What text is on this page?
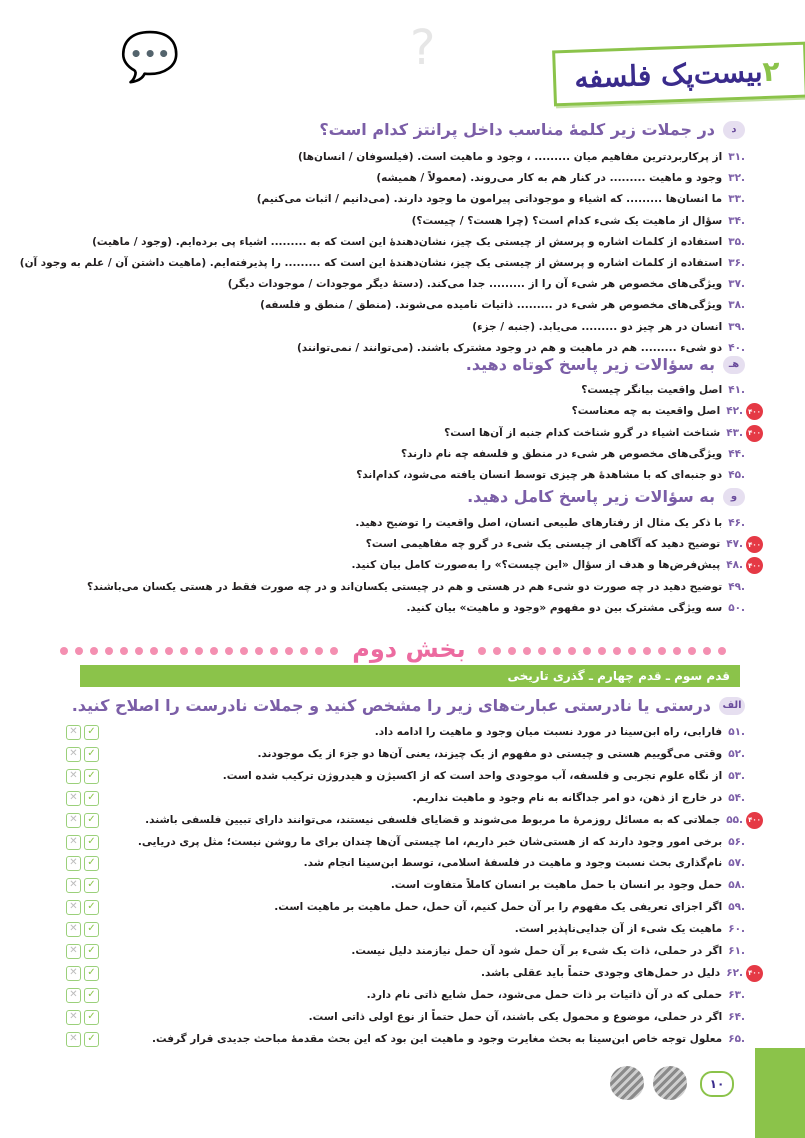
💬	?	بیست‌پک فلسفه
۲
د
در جملات زیر کلمۀ مناسب داخل پرانتز کدام است؟
هـ
به سؤالات زیر پاسخ کوتاه دهید.
و
به سؤالات زیر پاسخ کامل دهید.
بخش دوم
قدم سوم ـ قدم چهارم ـ گذری تاریخی
الف
درستی یا نادرستی عبارت‌های زیر را مشخص کنید و جملات نادرست را اصلاح کنید.
۳۱.
از پرکاربردترین مفاهیم میان ......... ، وجود و ماهیت است. (فیلسوفان / انسان‌ها)
۳۲.
وجود و ماهیت ......... در کنار هم به کار می‌روند. (معمولاً / همیشه)
۳۳.
ما انسان‌ها ......... که اشیاء و موجوداتی پیرامون ما وجود دارند. (می‌دانیم / اثبات می‌کنیم)
۳۴.
سؤال از ماهیت یک شیء کدام است؟ (چرا هست؟ / چیست؟)
۳۵.
استفاده از کلمات اشاره و پرسش از چیستی یک چیز، نشان‌دهندۀ این است که به ......... اشیاء پی برده‌ایم. (وجود / ماهیت)
۳۶.
استفاده از کلمات اشاره و پرسش از چیستی یک چیز، نشان‌دهندۀ این است که ......... را پذیرفته‌ایم. (ماهیت داشتن آن / علم به وجود آن)
۳۷.
ویژگی‌های مخصوص هر شیء آن را از ......... جدا می‌کند. (دستۀ دیگر موجودات / موجودات دیگر)
۳۸.
ویژگی‌های مخصوص هر شیء در ......... ذاتیات نامیده می‌شوند. (منطق / منطق و فلسفه)
۳۹.
انسان در هر چیز دو ......... می‌یابد. (جنبه / جزء)
۴۰.
دو شیء ......... هم در ماهیت و هم در وجود مشترک باشند. (می‌توانند / نمی‌توانند)
۴۱.
اصل واقعیت بیانگر چیست؟
۴۲.
اصل واقعیت به چه معناست؟	۴۰۰
۴۳.
شناخت اشیاء در گرو شناخت کدام جنبه از آن‌ها است؟	۴۰۰
۴۴.
ویژگی‌های مخصوص هر شیء در منطق و فلسفه چه نام دارند؟
۴۵.
دو جنبه‌ای که با مشاهدۀ هر چیزی توسط انسان یافته می‌شود، کدام‌اند؟
۴۶.
با ذکر یک مثال از رفتارهای طبیعی انسان، اصل واقعیت را توضیح دهید.
۴۷.
توضیح دهید که آگاهی از چیستی یک شیء در گرو چه مفاهیمی است؟	۴۰۰
۴۸.
پیش‌فرض‌ها و هدف از سؤال «این چیست؟» را به‌صورت کامل بیان کنید.	۴۰۰
۴۹.
توضیح دهید در چه صورت دو شیء هم در هستی و هم در چیستی یکسان‌اند و در چه صورت فقط در هستی یکسان می‌باشند؟
۵۰.
سه ویژگی مشترک بین دو مفهوم «وجود و ماهیت» بیان کنید.
۵۱.
فارابی، راه ابن‌سینا در مورد نسبت میان وجود و ماهیت را ادامه داد.
✕ ✓
۵۲.
وقتی می‌گوییم هستی و چیستی دو مفهوم از یک چیزند، یعنی آن‌ها دو جزء از یک موجودند.
✕ ✓
۵۳.
از نگاه علوم تجربی و فلسفه، آب موجودی واحد است که از اکسیژن و هیدروژن ترکیب شده است.
✕ ✓
۵۴.
در خارج از ذهن، دو امر جداگانه به نام وجود و ماهیت نداریم.
✕ ✓
۵۵.
جملاتی که به مسائل روزمرۀ ما مربوط می‌شوند و قضایای فلسفی نیستند، می‌توانند دارای تبیین فلسفی باشند.	۴۰۰
✕ ✓
۵۶.
برخی امور وجود دارند که از هستی‌شان خبر داریم، اما چیستی آن‌ها چندان برای ما روشن نیست؛ مثل پری دریایی.
✕ ✓
۵۷.
نام‌گذاری بحث نسبت وجود و ماهیت در فلسفۀ اسلامی، توسط ابن‌سینا انجام شد.
✕ ✓
۵۸.
حمل وجود بر انسان با حمل ماهیت بر انسان کاملاً متفاوت است.
✕ ✓
۵۹.
اگر اجزای تعریفی یک مفهوم را بر آن حمل کنیم، آن حمل، حمل ماهیت بر ماهیت است.
✕ ✓
۶۰.
ماهیت یک شیء از آن جدایی‌ناپذیر است.
✕ ✓
۶۱.
اگر در حملی، ذات یک شیء بر آن حمل شود آن حمل نیازمند دلیل نیست.
✕ ✓
۶۲.
دلیل در حمل‌های وجودی حتماً باید عقلی باشد.	۴۰۰
✕ ✓
۶۳.
حملی که در آن ذاتیات بر ذات حمل می‌شود، حمل شایع ذاتی نام دارد.
✕ ✓
۶۴.
اگر در حملی، موضوع و محمول یکی باشند، آن حمل حتماً از نوع اولی ذاتی است.
✕ ✓
۶۵.
معلول توجه خاص ابن‌سینا به بحث مغایرت وجود و ماهیت این بود که این بحث مقدمۀ مباحث جدیدی قرار گرفت.
✕ ✓
۱۰
